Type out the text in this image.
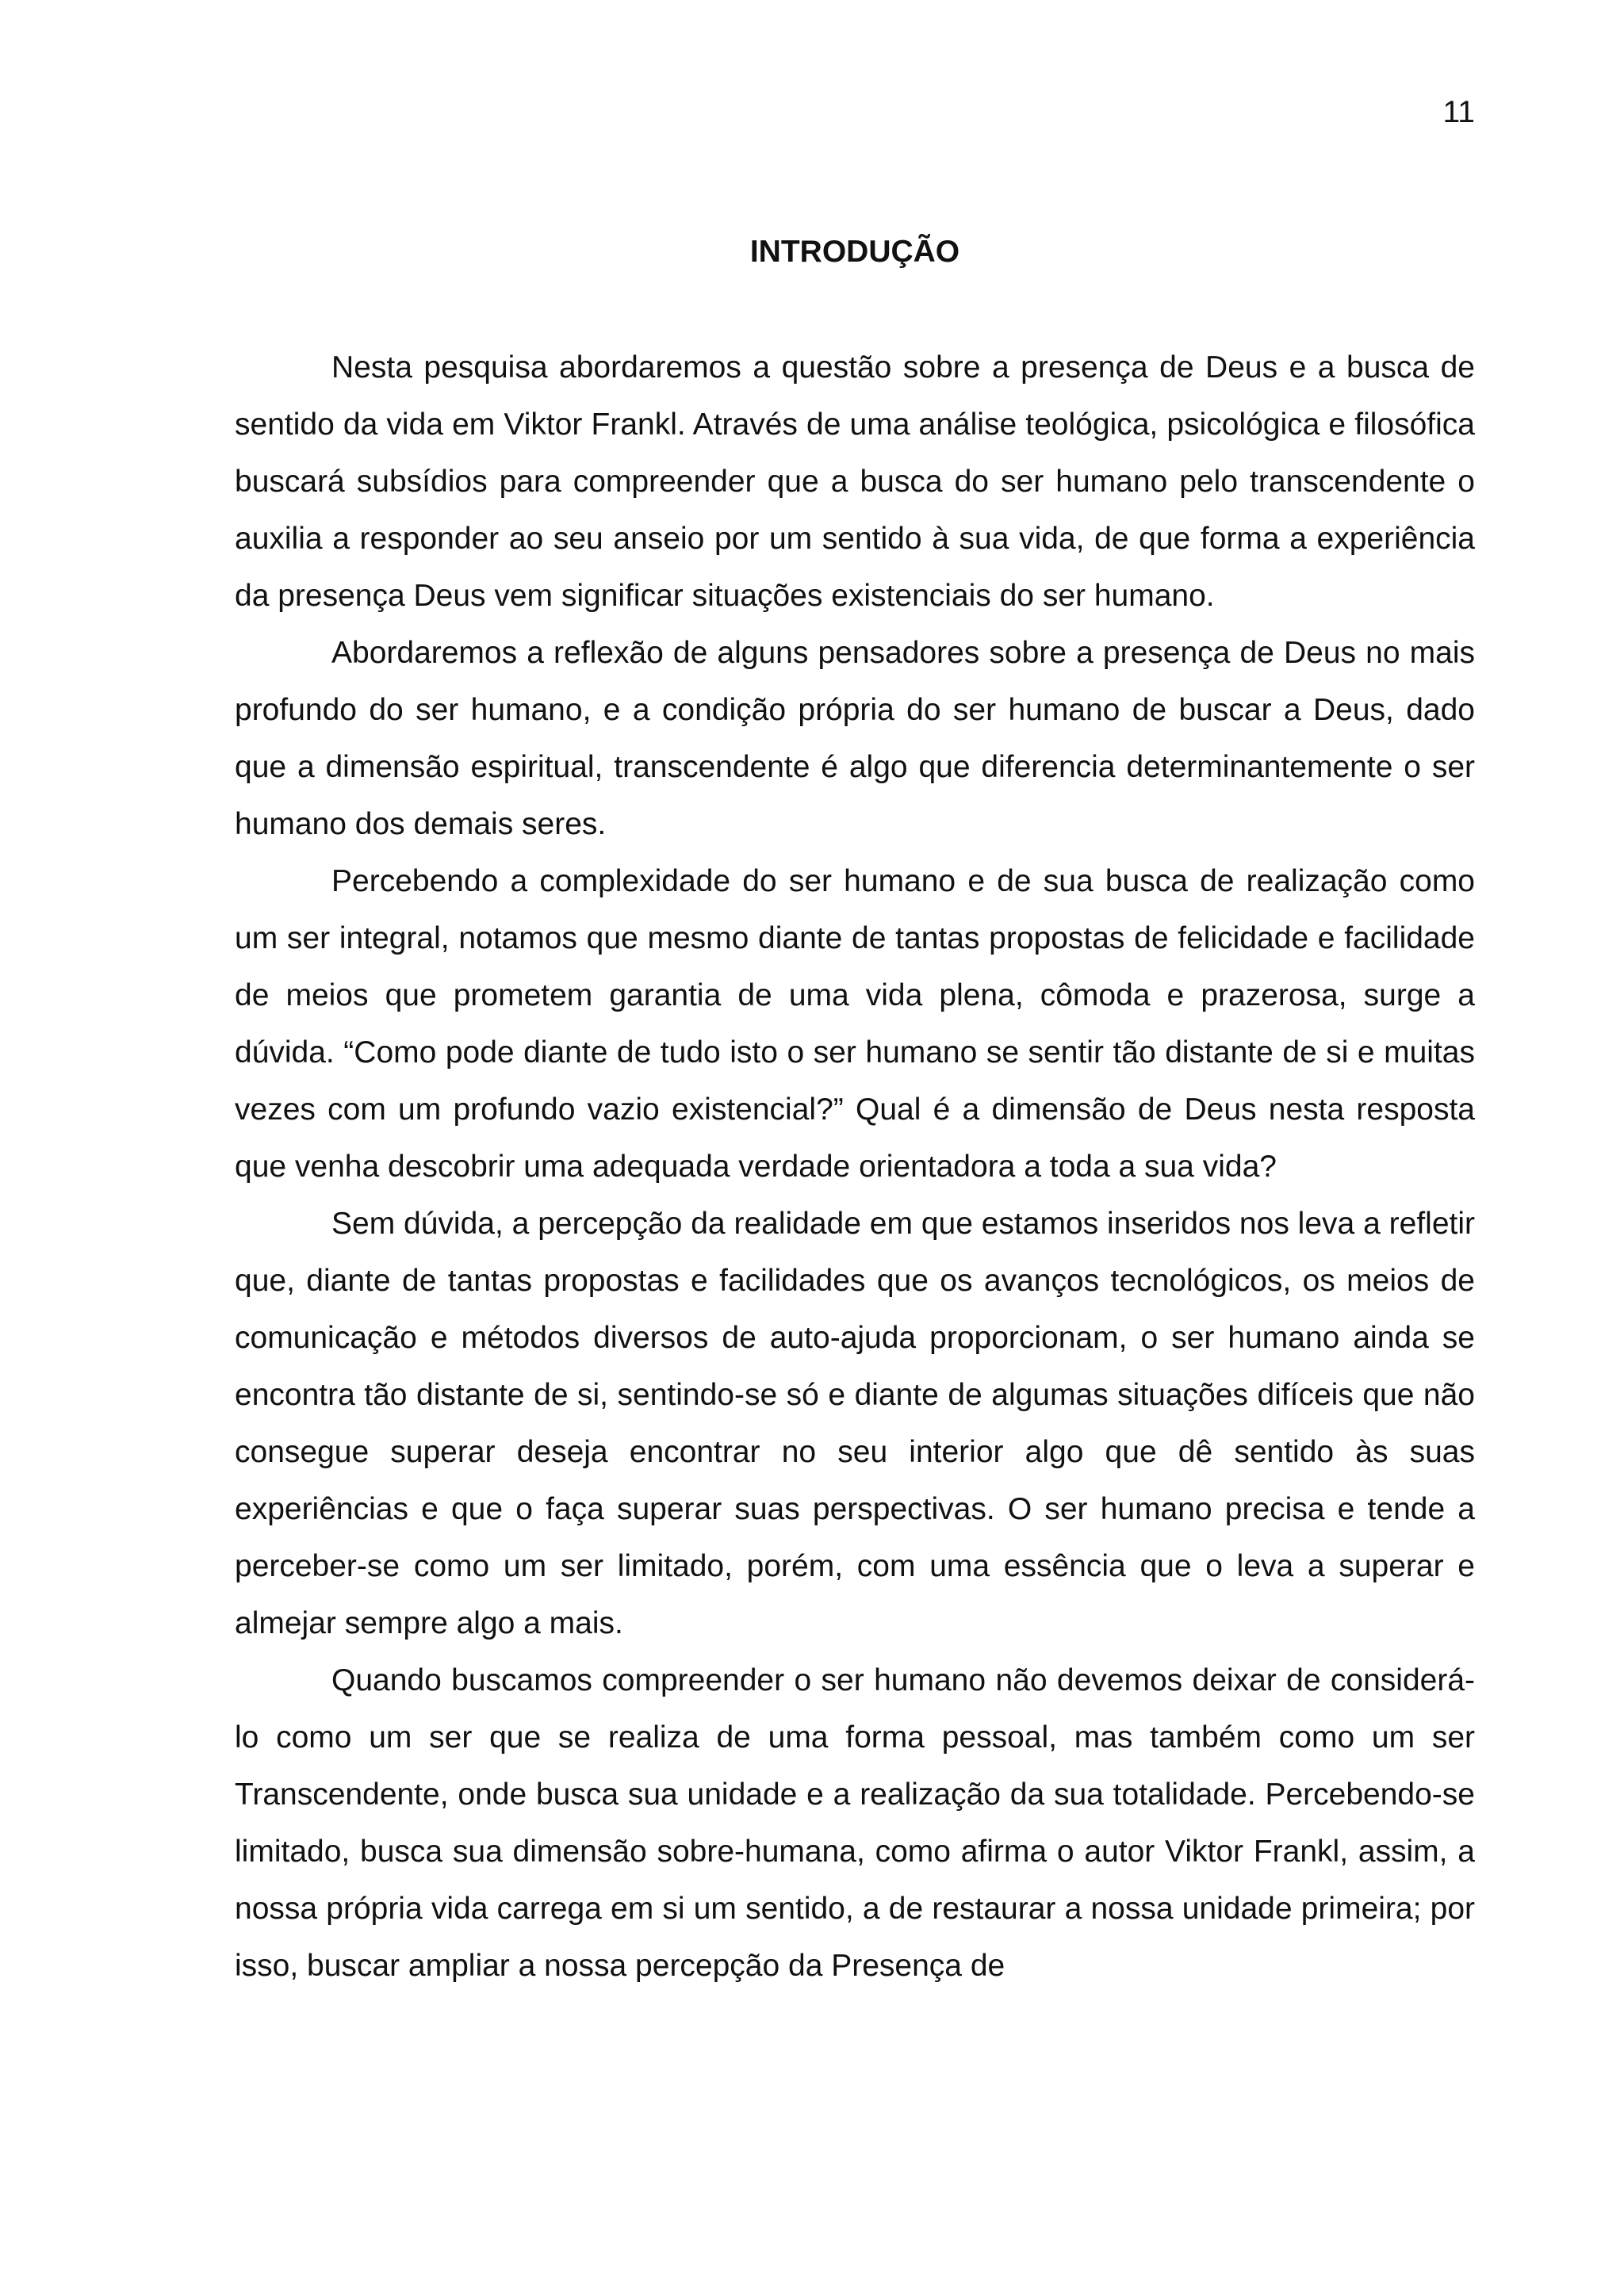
11
INTRODUÇÃO

Nesta pesquisa abordaremos a questão sobre a presença de Deus e a busca de sentido da vida em Viktor Frankl. Através de uma análise teológica, psicológica e filosófica buscará subsídios para compreender que a busca do ser humano pelo transcendente o auxilia a responder ao seu anseio por um sentido à sua vida, de que forma a experiência da presença Deus vem significar situações existenciais do ser humano.

Abordaremos a reflexão de alguns pensadores sobre a presença de Deus no mais profundo do ser humano, e a condição própria do ser humano de buscar a Deus, dado que a dimensão espiritual, transcendente é algo que diferencia determinantemente o ser humano dos demais seres.

Percebendo a complexidade do ser humano e de sua busca de realização como um ser integral, notamos que mesmo diante de tantas propostas de felicidade e facilidade de meios que prometem garantia de uma vida plena, cômoda e prazerosa, surge a dúvida. “Como pode diante de tudo isto o ser humano se sentir tão distante de si e muitas vezes com um profundo vazio existencial?” Qual é a dimensão de Deus nesta resposta que venha descobrir uma adequada verdade orientadora a toda a sua vida?

Sem dúvida, a percepção da realidade em que estamos inseridos nos leva a refletir que, diante de tantas propostas e facilidades que os avanços tecnológicos, os meios de comunicação e métodos diversos de auto-ajuda proporcionam, o ser humano ainda se encontra tão distante de si, sentindo-se só e diante de algumas situações difíceis que não consegue superar deseja encontrar no seu interior algo que dê sentido às suas experiências e que o faça superar suas perspectivas. O ser humano precisa e tende a perceber-se como um ser limitado, porém, com uma essência que o leva a superar e almejar sempre algo a mais.

Quando buscamos compreender o ser humano não devemos deixar de considerá-lo como um ser que se realiza de uma forma pessoal, mas também como um ser Transcendente, onde busca sua unidade e a realização da sua totalidade. Percebendo-se limitado, busca sua dimensão sobre-humana, como afirma o autor Viktor Frankl, assim, a nossa própria vida carrega em si um sentido, a de restaurar a nossa unidade primeira; por isso, buscar ampliar a nossa percepção da Presença de
